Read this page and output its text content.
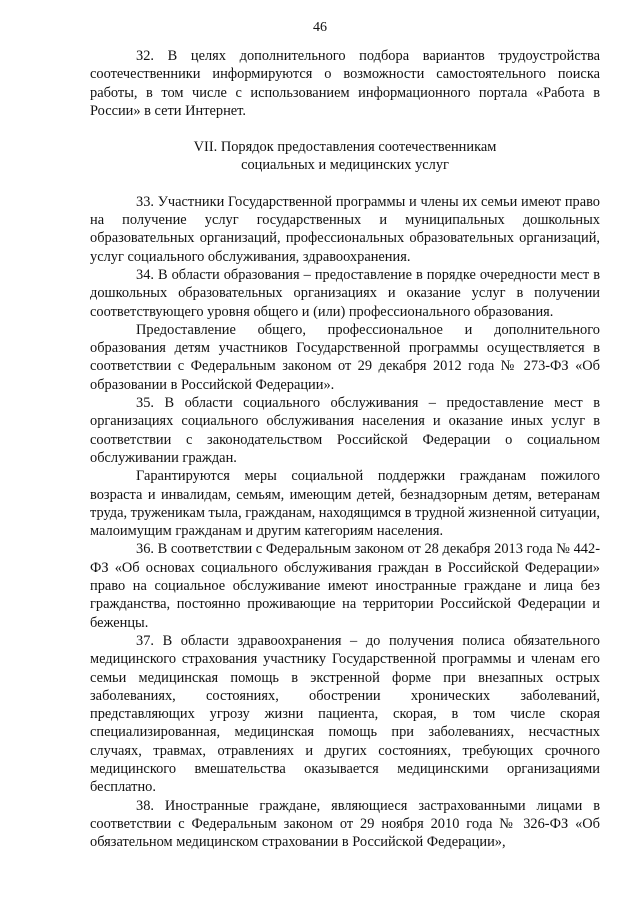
46

32. В целях дополнительного подбора вариантов трудоустройства соотечественники информируются о возможности самостоятельного поиска работы, в том числе с использованием информационного портала «Работа в России» в сети Интернет.

VII. Порядок предоставления соотечественникам
социальных и медицинских услуг

33. Участники Государственной программы и члены их семьи имеют право на получение услуг государственных и муниципальных дошкольных образовательных организаций, профессиональных образовательных организаций, услуг социального обслуживания, здравоохранения.

34. В области образования – предоставление в порядке очередности мест в дошкольных образовательных организациях и оказание услуг в получении соответствующего уровня общего и (или) профессионального образования.

Предоставление общего, профессиональное и дополнительного образования детям участников Государственной программы осуществляется в соответствии с Федеральным законом от 29 декабря 2012 года № 273-ФЗ «Об образовании в Российской Федерации».

35. В области социального обслуживания – предоставление мест в организациях социального обслуживания населения и оказание иных услуг в соответствии с законодательством Российской Федерации о социальном обслуживании граждан.

Гарантируются меры социальной поддержки гражданам пожилого возраста и инвалидам, семьям, имеющим детей, безнадзорным детям, ветеранам труда, труженикам тыла, гражданам, находящимся в трудной жизненной ситуации, малоимущим гражданам и другим категориям населения.

36. В соответствии с Федеральным законом от 28 декабря 2013 года № 442-ФЗ «Об основах социального обслуживания граждан в Российской Федерации» право на социальное обслуживание имеют иностранные граждане и лица без гражданства, постоянно проживающие на территории Российской Федерации и беженцы.

37. В области здравоохранения – до получения полиса обязательного медицинского страхования участнику Государственной программы и членам его семьи медицинская помощь в экстренной форме при внезапных острых заболеваниях, состояниях, обострении хронических заболеваний, представляющих угрозу жизни пациента, скорая, в том числе скорая специализированная, медицинская помощь при заболеваниях, несчастных случаях, травмах, отравлениях и других состояниях, требующих срочного медицинского вмешательства оказывается медицинскими организациями бесплатно.

38. Иностранные граждане, являющиеся застрахованными лицами в соответствии с Федеральным законом от 29 ноября 2010 года № 326-ФЗ «Об обязательном медицинском страховании в Российской Федерации»,
